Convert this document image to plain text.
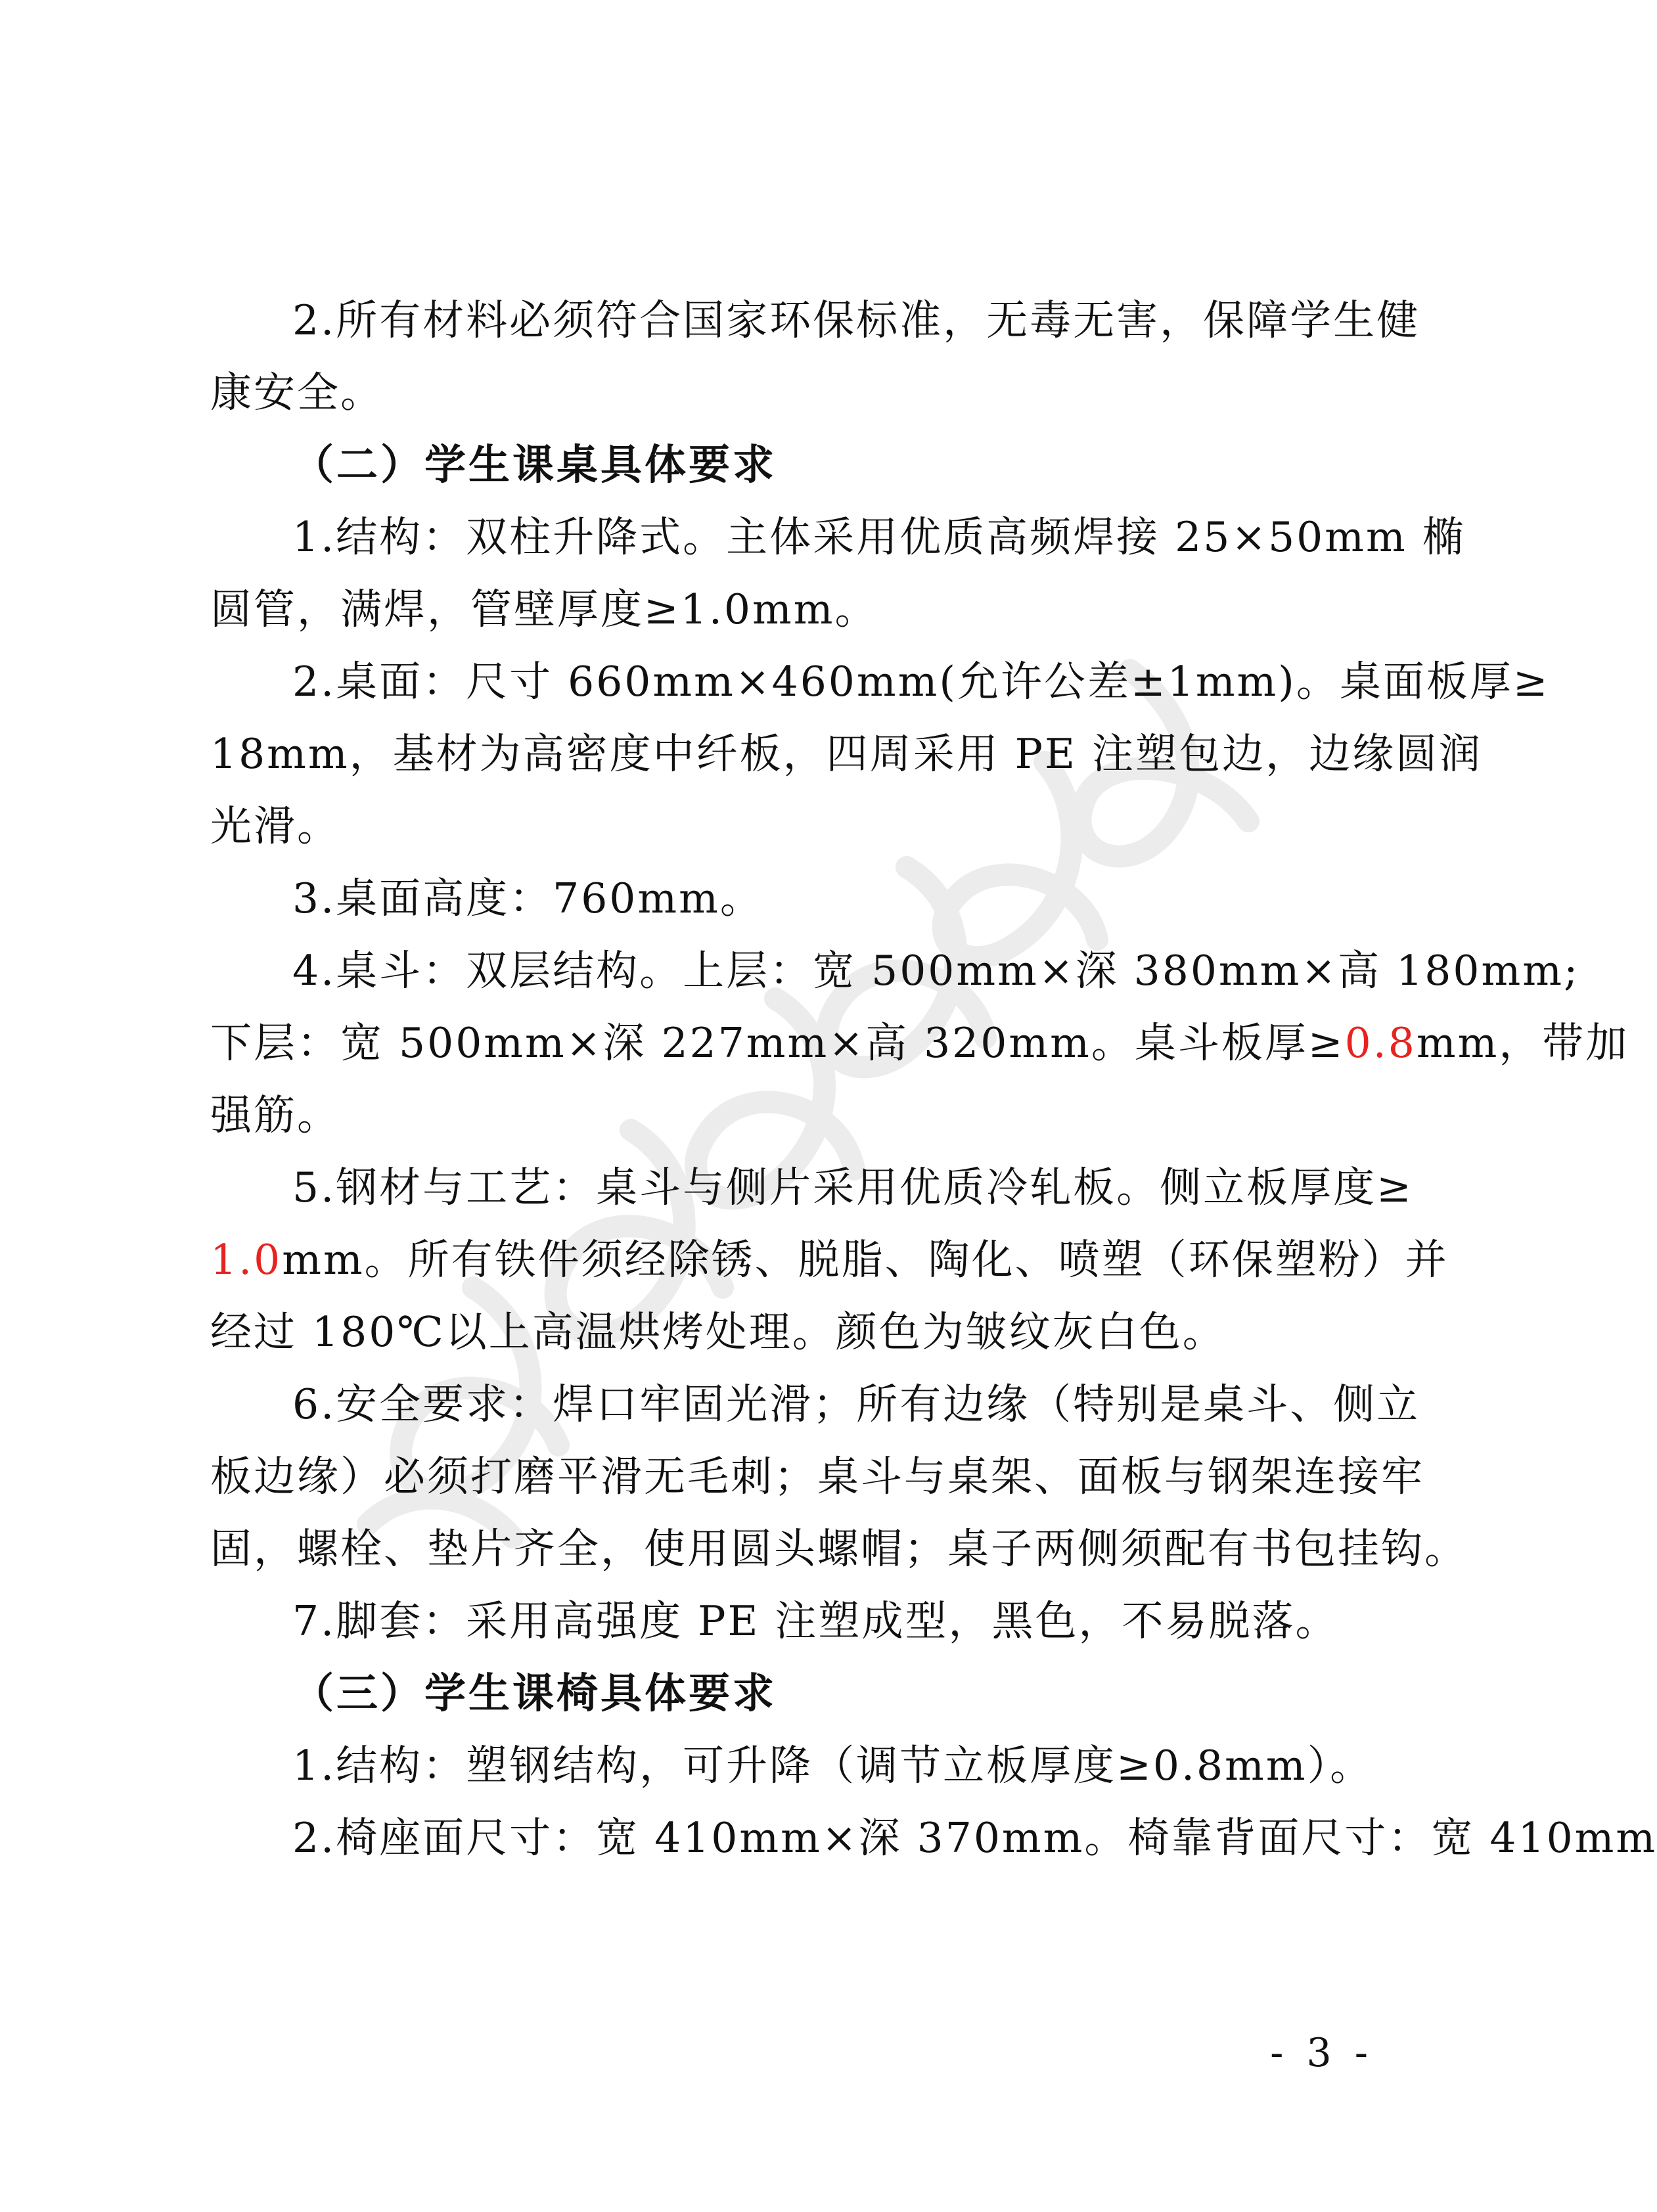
2.所有材料必须符合国家环保标准，无毒无害，保障学生健
康安全。
（二）学生课桌具体要求
1.结构：双柱升降式。主体采用优质高频焊接 25×50mm 椭
圆管，满焊，管壁厚度≥1.0mm。
2.桌面：尺寸 660mm×460mm(允许公差±1mm)。桌面板厚≥
18mm，基材为高密度中纤板，四周采用 PE 注塑包边，边缘圆润
光滑。
3.桌面高度：760mm。
4.桌斗：双层结构。上层：宽 500mm×深 380mm×高 180mm;
下层：宽 500mm×深 227mm×高 320mm。桌斗板厚≥0.8mm，带加
强筋。
5.钢材与工艺：桌斗与侧片采用优质冷轧板。侧立板厚度≥
1.0mm。所有铁件须经除锈、脱脂、陶化、喷塑（环保塑粉）并
经过 180℃以上高温烘烤处理。颜色为皱纹灰白色。
6.安全要求：焊口牢固光滑；所有边缘（特别是桌斗、侧立
板边缘）必须打磨平滑无毛刺；桌斗与桌架、面板与钢架连接牢
固，螺栓、垫片齐全，使用圆头螺帽；桌子两侧须配有书包挂钩。
7.脚套：采用高强度 PE 注塑成型，黑色，不易脱落。
（三）学生课椅具体要求
1.结构：塑钢结构，可升降（调节立板厚度≥0.8mm）。
2.椅座面尺寸：宽 410mm×深 370mm。椅靠背面尺寸：宽 410mm
- 3 -
